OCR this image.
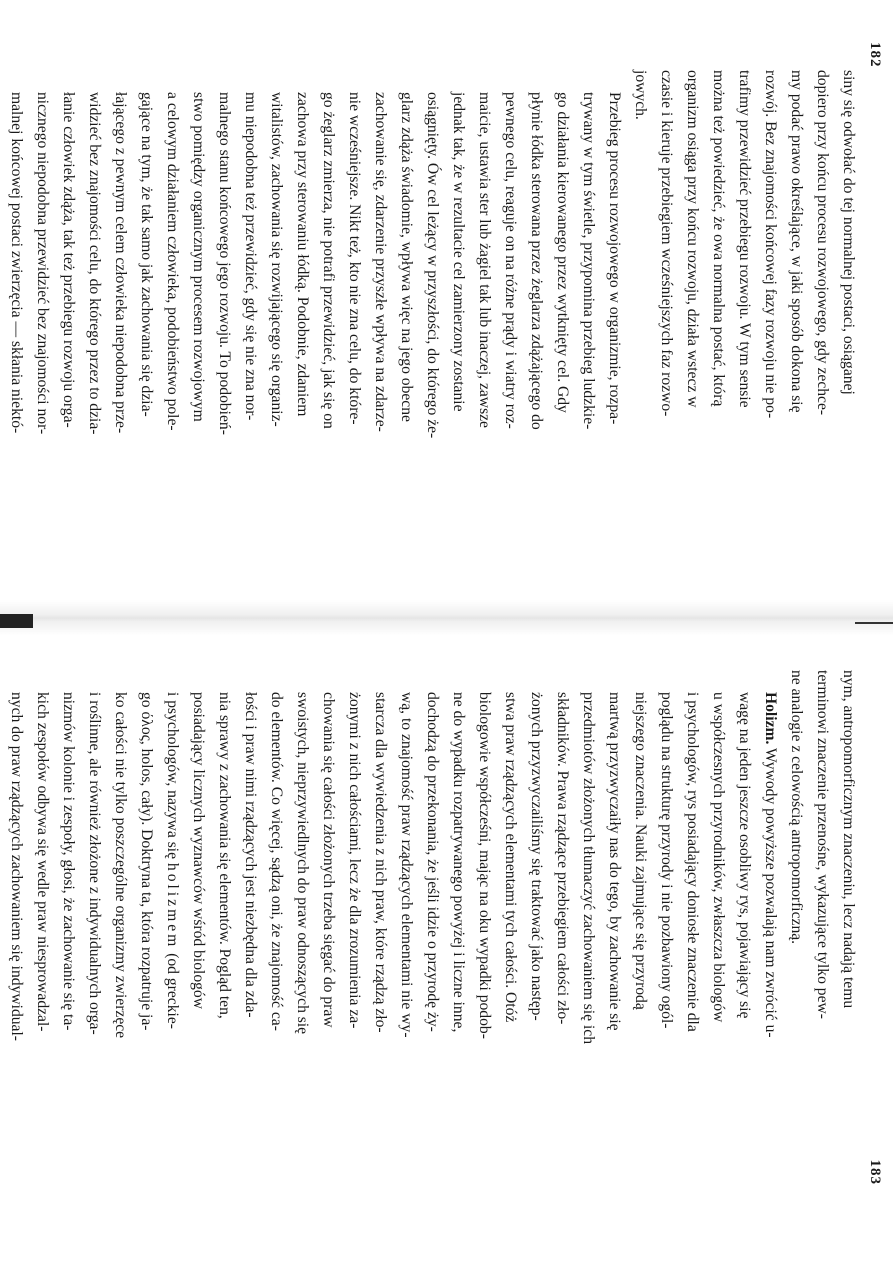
182

siny się odwołać do tej normalnej postaci, osiąganej
dopiero przy końcu procesu rozwojowego, gdy zechce-
my podać prawo określające, w jaki sposób dokona się
rozwój. Bez znajomości końcowej fazy rozwoju nie po-
trafimy przewidzieć przebiegu rozwoju. W tym sensie
można też powiedzieć, że owa normalna postać, którą
organizm osiąga przy końcu rozwoju, działa wstecz w
czasie i kieruje przebiegiem wcześniejszych faz rozwo-
jowych.

Przebieg procesu rozwojowego w organizmie, rozpa-
trywany w tym świetle, przypomina przebieg ludzkie-
go działania kierowanego przez wytknięty cel. Gdy
płynie łódka sterowana przez żeglarza zdążającego do
pewnego celu, reaguje on na różne prądy i wiatry roz-
maicie, ustawia ster lub żagiel tak lub inaczej, zawsze
jednak tak, że w rezultacie cel zamierzony zostanie
osiągnięty. Ów cel leżący w przyszłości, do którego że-
glarz zdąża świadomie, wpływa więc na jego obecne
zachowanie się, zdarzenie przyszłe wpływa na zdarze-
nie wcześniejsze. Nikt też, kto nie zna celu, do które-
go żeglarz zmierza, nie potrafi przewidzieć, jak się on
zachowa przy sterowaniu łódką. Podobnie, zdaniem
witalistów, zachowania się rozwijającego się organiz-
mu niepodobna też przewidzieć, gdy się nie zna nor-
malnego stanu końcowego jego rozwoju. To podobień-
stwo pomiędzy organicznym procesem rozwojowym
a celowym działaniem człowieka, podobieństwo pole-
gające na tym, że tak samo jak zachowania się dzia-
łającego z pewnym celem człowieka niepodobna prze-
widzieć bez znajomości celu, do którego przez to dzia-
łanie człowiek zdąża, tak też przebiegu rozwoju orga-
nicznego niepodobna przewidzieć bez znajomości nor-
malnej końcowej postaci zwierzęcia — skłania niektó-

183

nym, antropomorficznym znaczeniu, lecz nadają temu
terminowi znaczenie przenośne, wykazujące tylko pew-
ne analogie z celowością antropomorficzną.

Holizm. Wywody powyższe pozwalają nam zwrócić u-
wagę na jeden jeszcze osobliwy rys, pojawiający się
u współczesnych przyrodników, zwłaszcza biologów
i psychologów, rys posiadający doniosłe znaczenie dla
poglądu na strukturę przyrody i nie pozbawiony ogól-
niejszego znaczenia. Nauki zajmujące się przyrodą
martwą przyzwyczaiły nas do tego, by zachowanie się
przedmiotów złożonych tłumaczyć zachowaniem się ich
składników. Prawa rządzące przebiegiem całości zło-
żonych przyzwyczailiśmy się traktować jako następ-
stwa praw rządzących elementami tych całości. Otóż
biologowie współcześni, mając na oku wypadki podob-
ne do wypadku rozpatrywanego powyżej i liczne inne,
dochodzą do przekonania, że jeśli idzie o przyrodę ży-
wą, to znajomość praw rządzących elementami nie wy-
starcza dla wywiedzenia z nich praw, które rządzą zło-
żonymi z nich całościami, lecz że dla zrozumienia za-
chowania się całości złożonych trzeba sięgać do praw
swoistych, nieprzywiedlnych do praw odnoszących się
do elementów. Co więcej, sądzą oni, że znajomość ca-
łości i praw nimi rządzących jest niezbędna dla zda-
nia sprawy z zachowania się elementów. Pogląd ten,
posiadający licznych wyznawców wśród biologów
i psychologów, nazywa się holizmem (od greckie-
go όλος, holos, cały). Doktryna ta, która rozpatruje ja-
ko całości nie tylko poszczególne organizmy zwierzęce
i roślinne, ale również złożone z indywidualnych orga-
nizmów kolonie i zespoły, głosi, że zachowanie się ta-
kich zespołów odbywa się wedle praw niesprowadzal-
nych do praw rządzących zachowaniem się indywidual-
